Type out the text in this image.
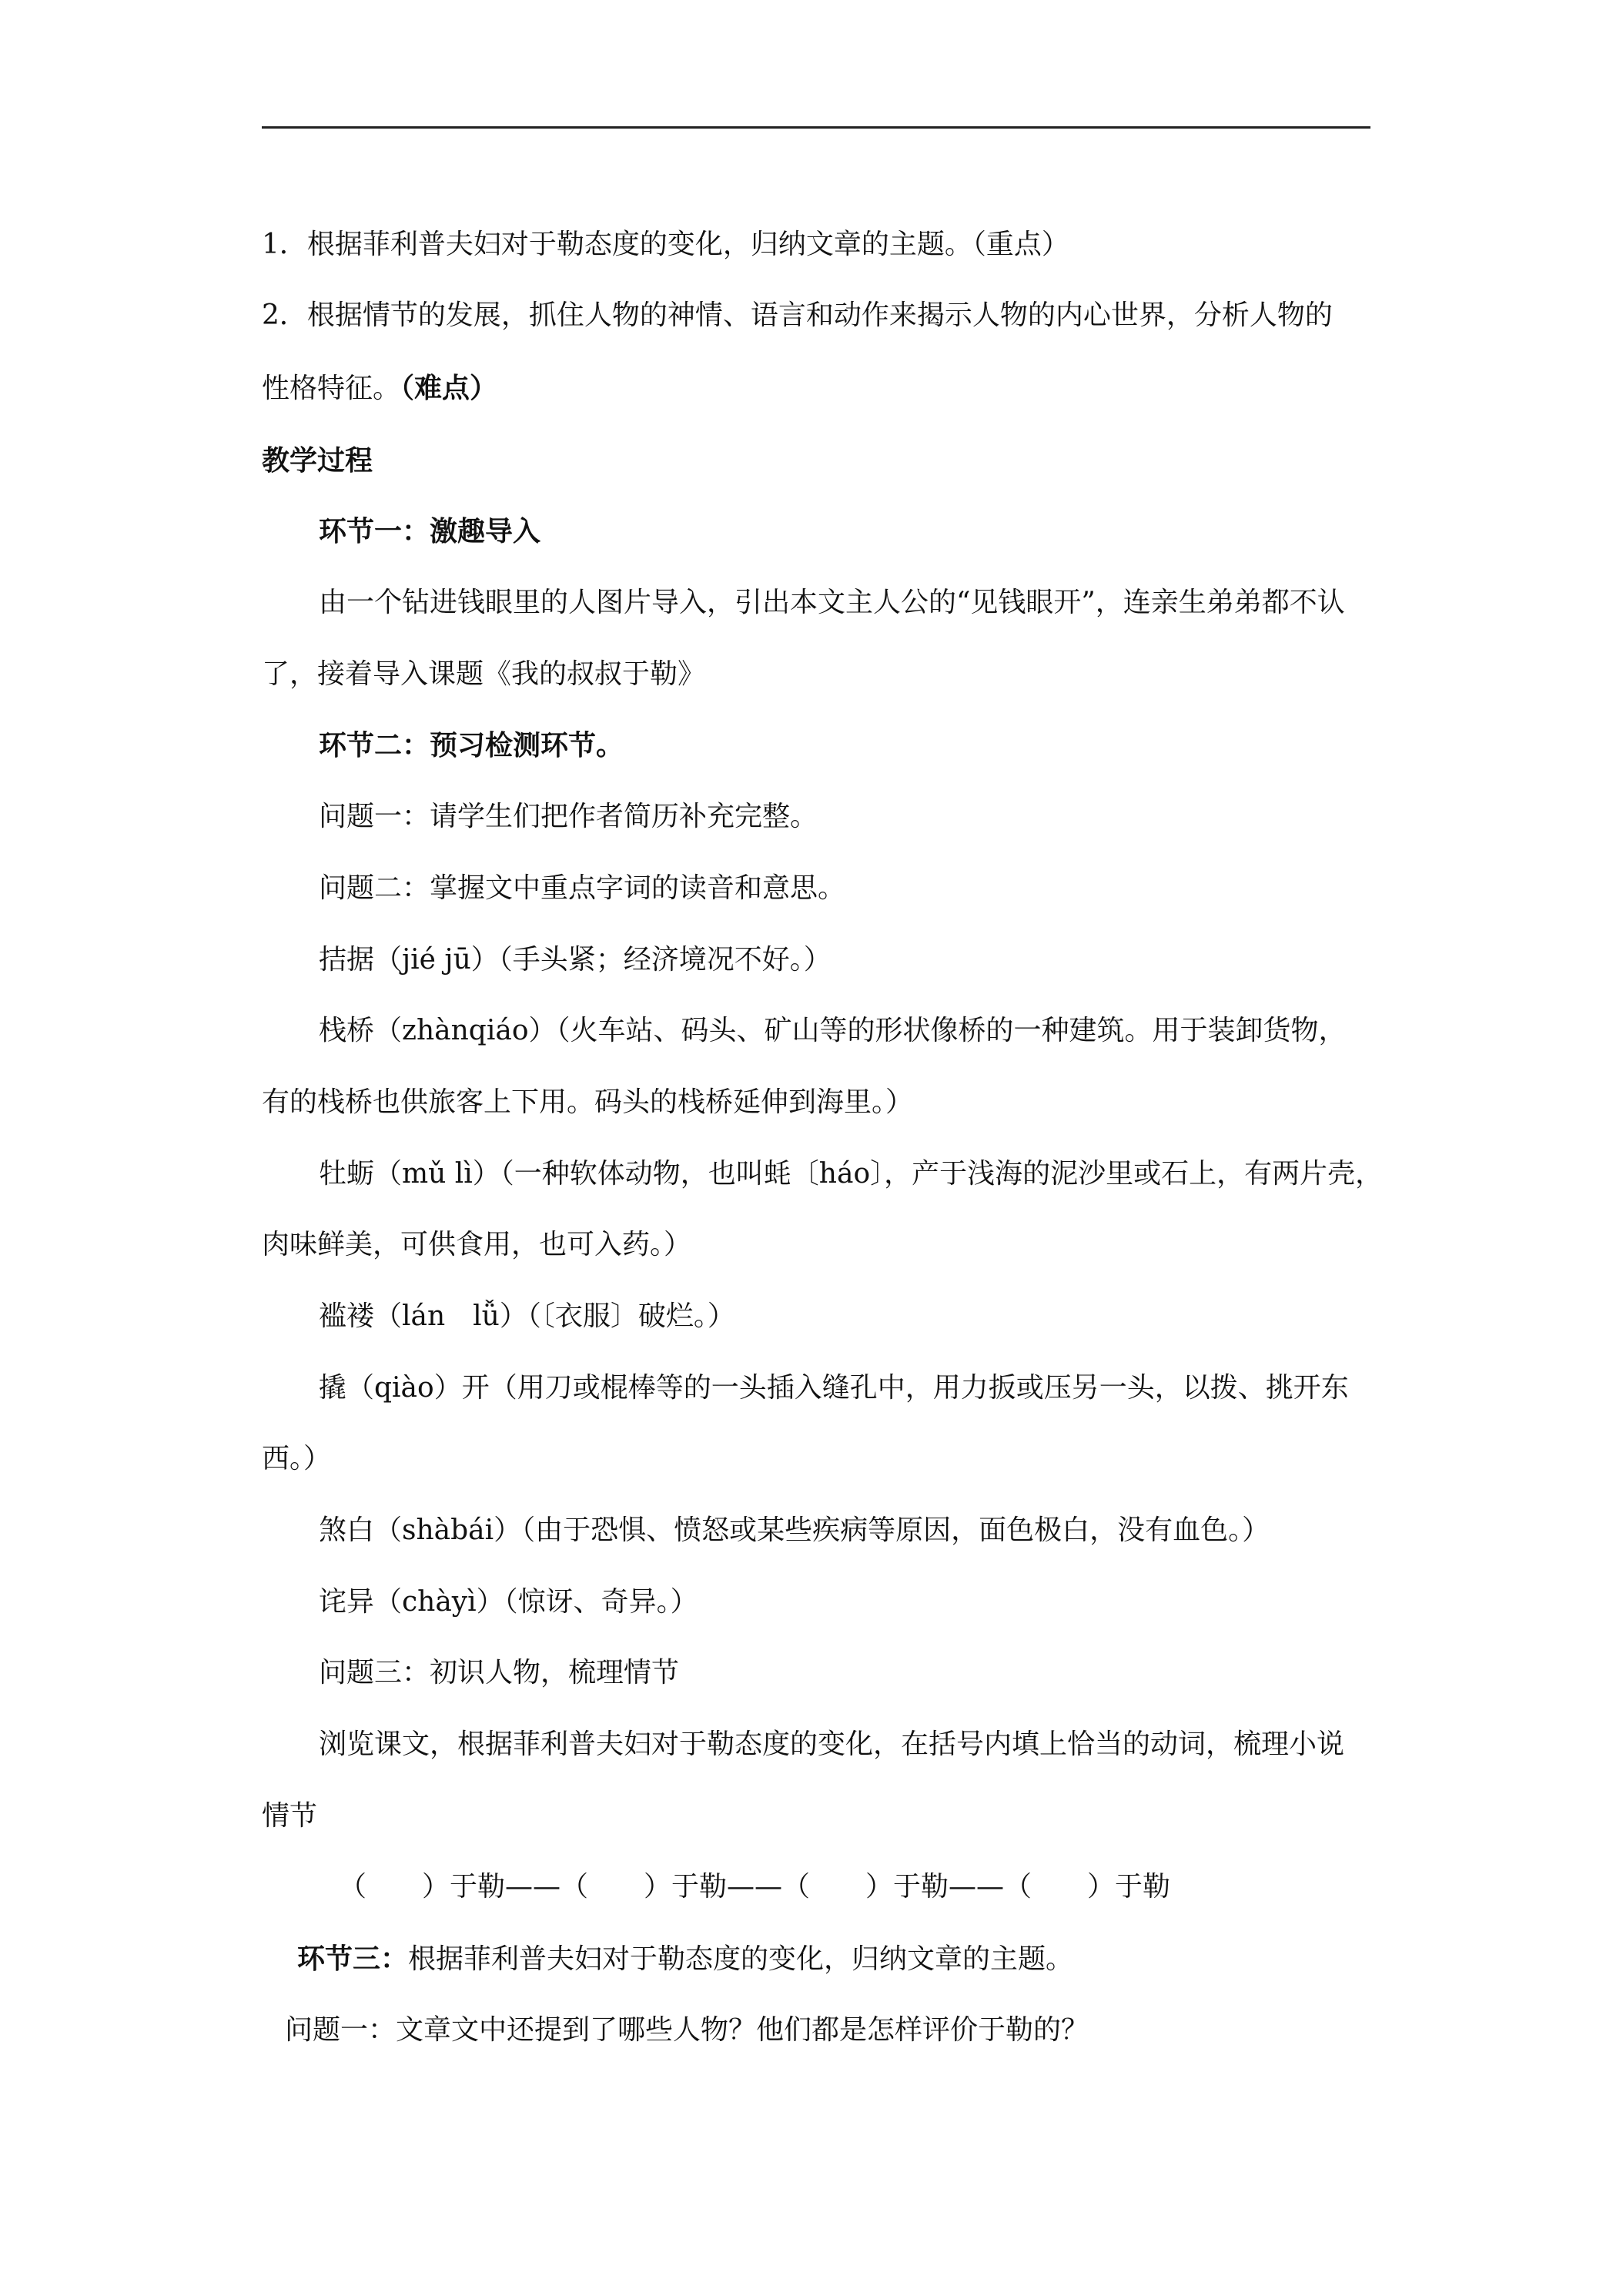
1．根据菲利普夫妇对于勒态度的变化，归纳文章的主题。（重点）
2．根据情节的发展，抓住人物的神情、语言和动作来揭示人物的内心世界，分析人物的
性格特征。（难点）
教学过程
环节一：激趣导入
由一个钻进钱眼里的人图片导入，引出本文主人公的“见钱眼开”，连亲生弟弟都不认
了，接着导入课题《我的叔叔于勒》
环节二：预习检测环节。
问题一：请学生们把作者简历补充完整。
问题二：掌握文中重点字词的读音和意思。
拮据（jié jū）（手头紧；经济境况不好。）
栈桥（zhànqiáo）（火车站、码头、矿山等的形状像桥的一种建筑。用于装卸货物，
有的栈桥也供旅客上下用。码头的栈桥延伸到海里。）
牡蛎（mǔ lì）（一种软体动物，也叫蚝〔háo〕，产于浅海的泥沙里或石上，有两片壳，
肉味鲜美，可供食用，也可入药。）
褴褛（lán　lǚ）（〔衣服〕破烂。）
撬（qiào）开（用刀或棍棒等的一头插入缝孔中，用力扳或压另一头，以拨、挑开东
西。）
煞白（shàbái）（由于恐惧、愤怒或某些疾病等原因，面色极白，没有血色。）
诧异（chàyì）（惊讶、奇异。）
问题三：初识人物，梳理情节
浏览课文，根据菲利普夫妇对于勒态度的变化，在括号内填上恰当的动词，梳理小说
情节
（　　）于勒——（　　）于勒——（　　）于勒——（　　）于勒
环节三：根据菲利普夫妇对于勒态度的变化，归纳文章的主题。
问题一：文章文中还提到了哪些人物？他们都是怎样评价于勒的？
